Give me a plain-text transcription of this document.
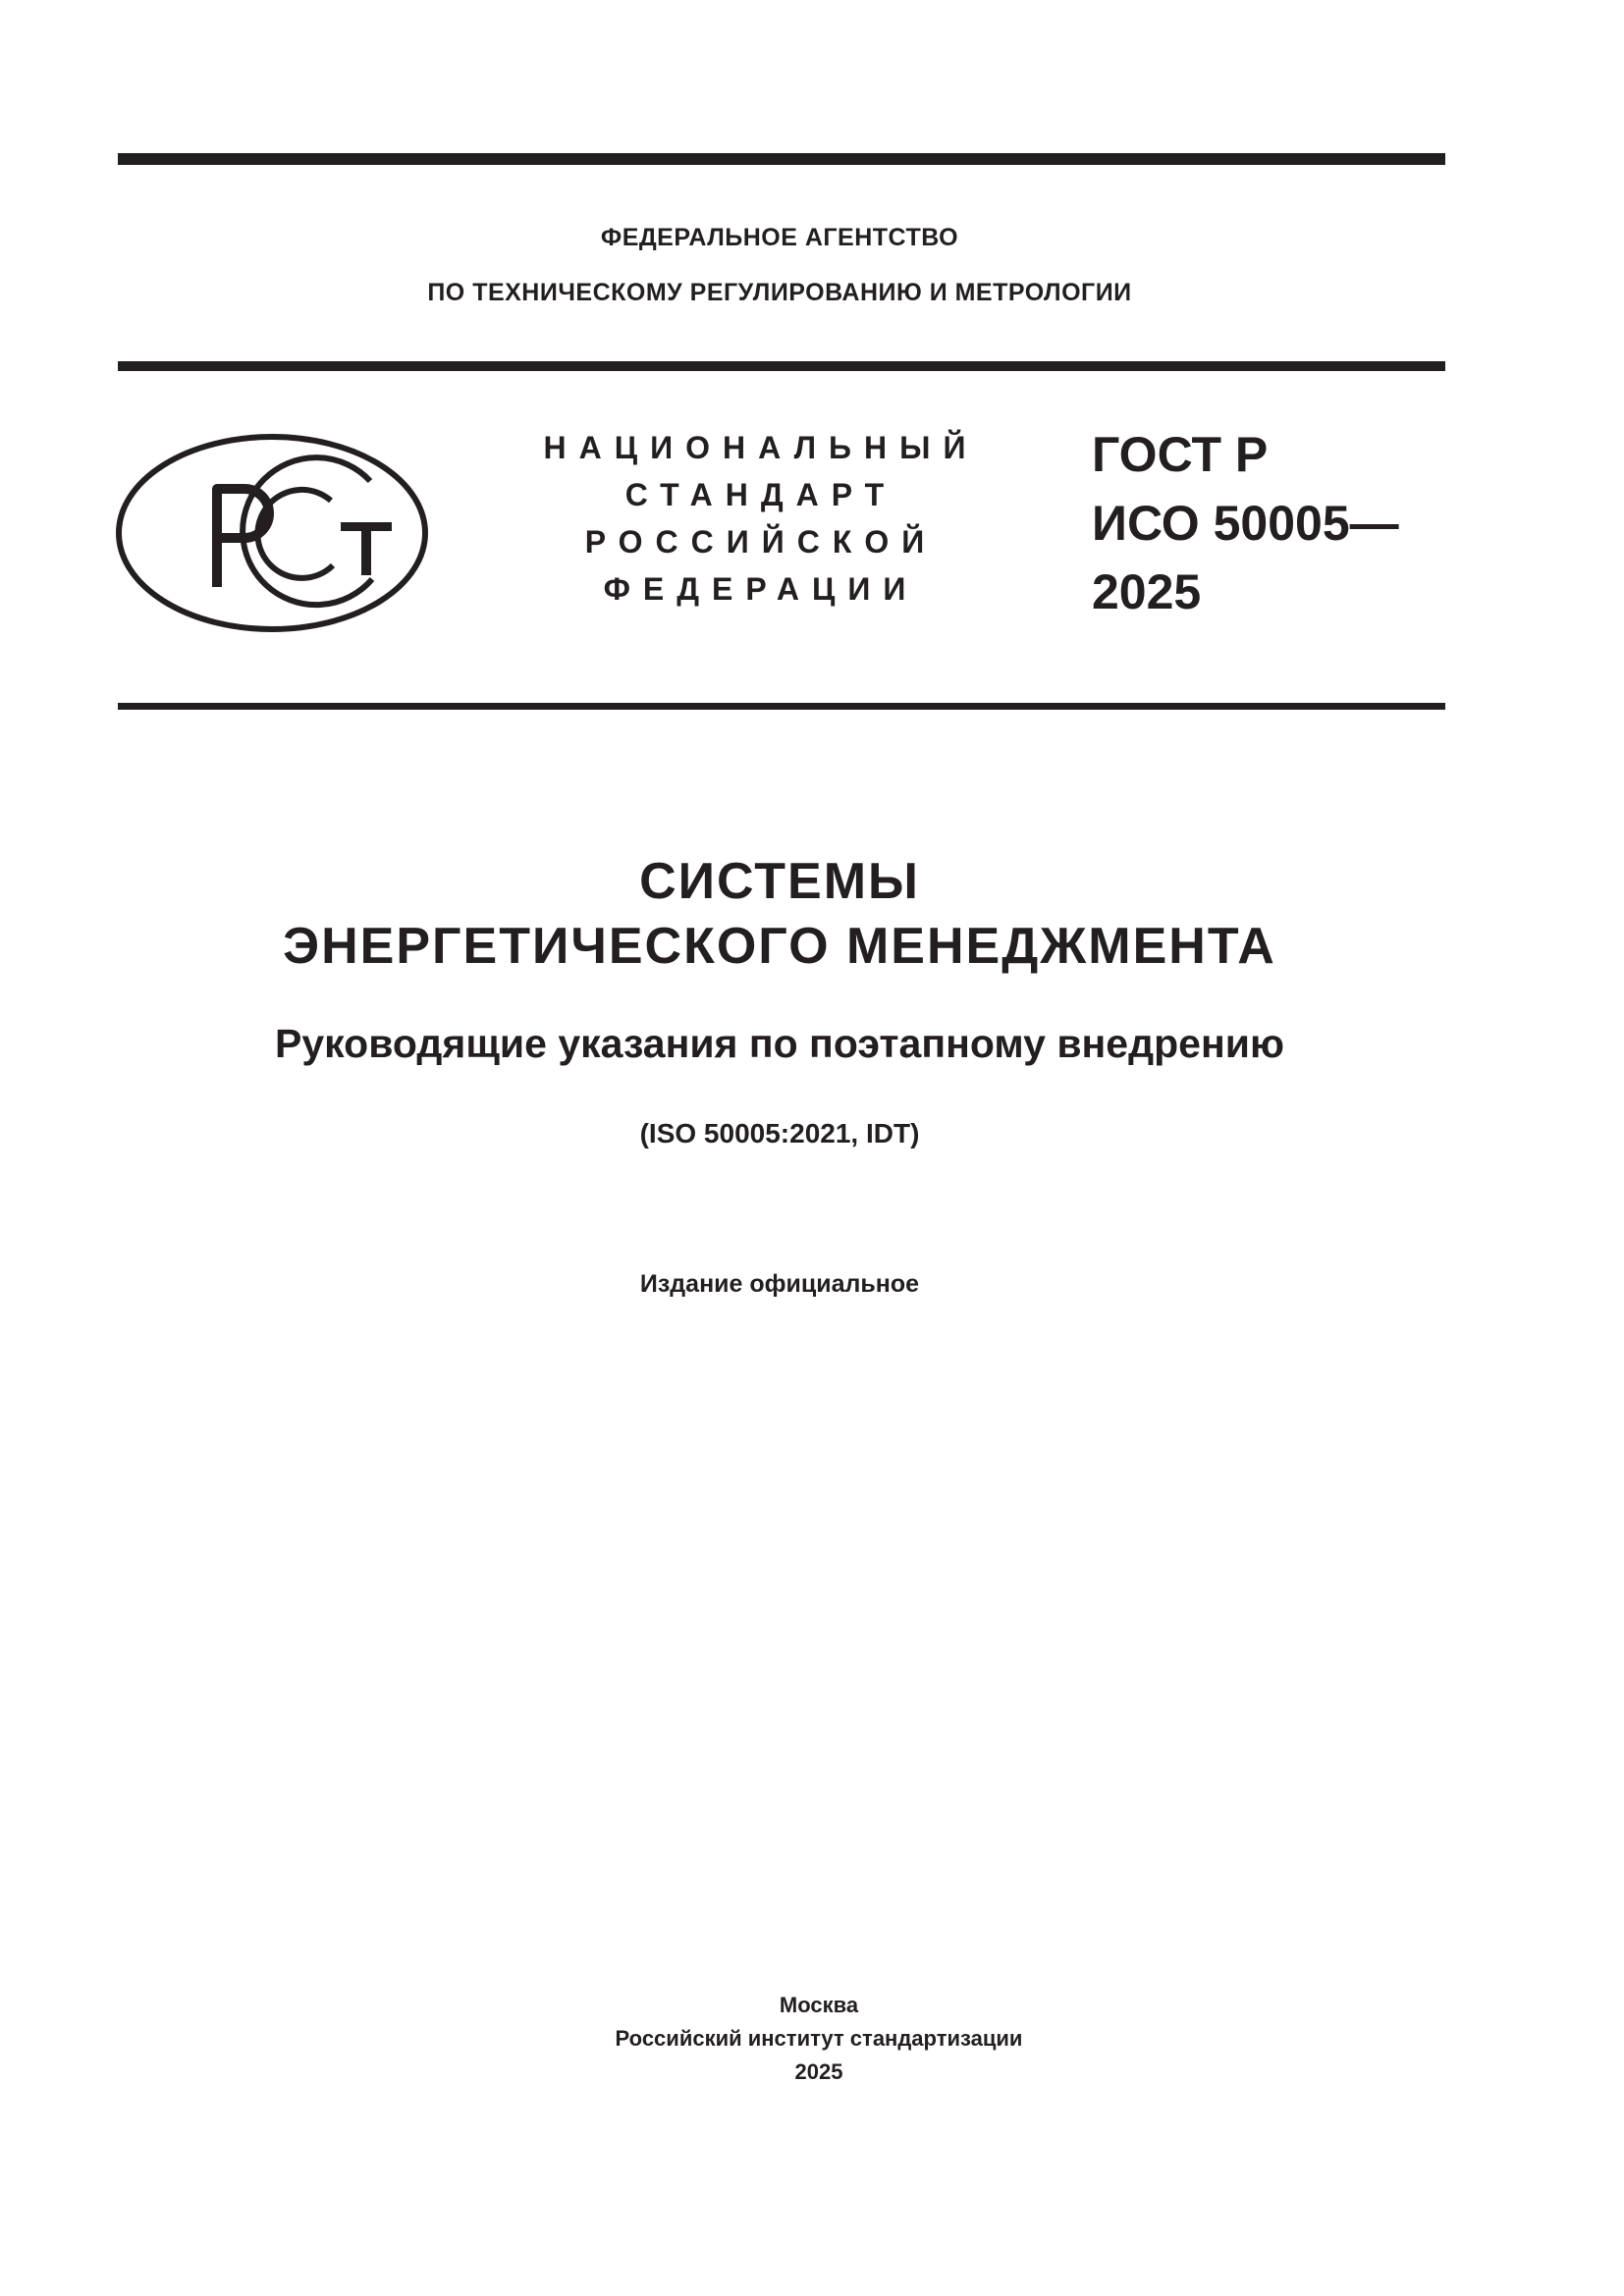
ФЕДЕРАЛЬНОЕ АГЕНТСТВО
ПО ТЕХНИЧЕСКОМУ РЕГУЛИРОВАНИЮ И МЕТРОЛОГИИ
НАЦИОНАЛЬНЫЙ
СТАНДАРТ
РОССИЙСКОЙ
ФЕДЕРАЦИИ
ГОСТ Р
ИСО 50005—
2025
СИСТЕМЫ
ЭНЕРГЕТИЧЕСКОГО МЕНЕДЖМЕНТА
Руководящие указания по поэтапному внедрению
(ISO 50005:2021, IDT)
Издание официальное
Москва
Российский институт стандартизации
2025
